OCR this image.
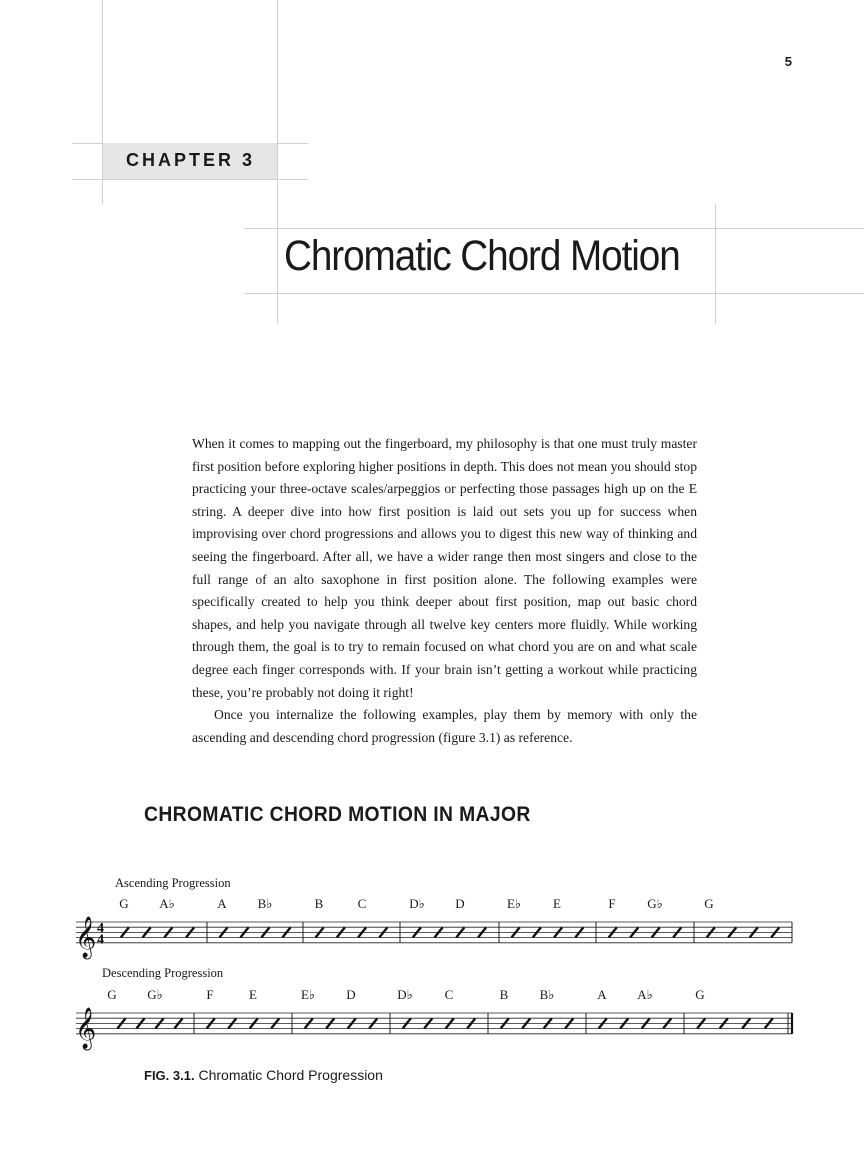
5
CHAPTER 3
Chromatic Chord Motion

When it comes to mapping out the fingerboard, my philosophy is that one must truly master first position before exploring higher positions in depth. This does not mean you should stop practicing your three-octave scales/arpeggios or perfecting those passages high up on the E string. A deeper dive into how first position is laid out sets you up for success when improvising over chord progressions and allows you to digest this new way of thinking and seeing the fingerboard. After all, we have a wider range then most singers and close to the full range of an alto saxophone in first position alone. The following examples were specifically created to help you think deeper about first position, map out basic chord shapes, and help you navigate through all twelve key centers more fluidly. While working through them, the goal is to try to remain focused on what chord you are on and what scale degree each finger corresponds with. If your brain isn’t getting a workout while practicing these, you’re probably not doing it right!

Once you internalize the following examples, play them by memory with only the ascending and descending chord progression (figure 3.1) as reference.

CHROMATIC CHORD MOTION IN MAJOR
Ascending Progression
𝄞 4
4
G A♭	A B♭	B	C	D♭ D	E♭ E	F G♭	G
Descending Progression
𝄞
G G♭	F	E	E♭ D	D♭ C	B B♭	A A♭	G
FIG. 3.1. Chromatic Chord Progression
